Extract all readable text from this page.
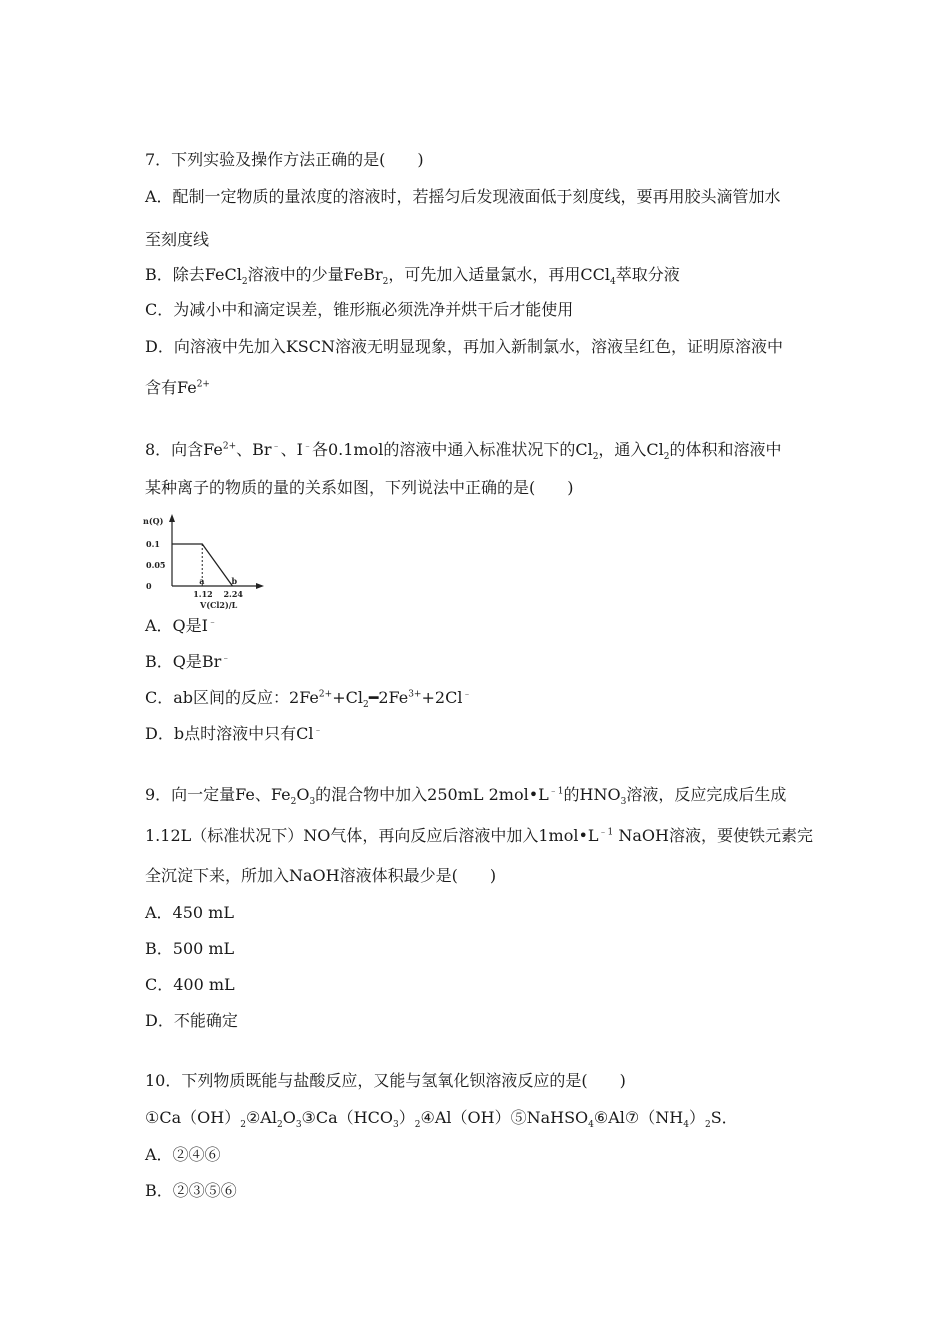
7．下列实验及操作方法正确的是(　　)
A．配制一定物质的量浓度的溶液时，若摇匀后发现液面低于刻度线，要再用胶头滴管加水
至刻度线
B．除去FeCl$_2$溶液中的少量FeBr$_2$，可先加入适量氯水，再用CCl$_4$萃取分液
C．为减小中和滴定误差，锥形瓶必须洗净并烘干后才能使用
D．向溶液中先加入KSCN溶液无明显现象，再加入新制氯水，溶液呈红色，证明原溶液中
含有$Fe^{2+}$
8．向含$Fe^{2+}$、Br﹣、I﹣各0.1mol的溶液中通入标准状况下的$Cl_2$，通入$Cl_2$的体积和溶液中
某种离子的物质的量的关系如图，下列说法中正确的是(　　)
n(Q)
V(Cl2)/L
0.1
0.05
0
1.12 2.24
a	b
A．Q是I﹣
B．Q是Br﹣
C．ab区间的反应：$2Fe^{2+}+Cl_2━2Fe^{3+}+2Cl^﹣$
D．b点时溶液中只有Cl﹣
9．向一定量Fe、$Fe_2O_3$的混合物中加入250mL $2mol•L^{﹣1}$的$HNO_3$溶液，反应完成后生成
1.12L（标准状况下）NO气体，再向反应后溶液中加入$1mol•L^{﹣1}$ NaOH溶液，要使铁元素完
全沉淀下来，所加入NaOH溶液体积最少是(　　)
A．450 mL
B．500 mL
C．400 mL
D．不能确定
10．下列物质既能与盐酸反应，又能与氢氧化钡溶液反应的是(　　)
$①Ca(OH)_2②Al_2O_3③Ca(HCO_3)_2④Al(OH)⑤NaHSO_4⑥Al⑦(NH_4)_2S$．
A．②④⑥
B．②③⑤⑥
